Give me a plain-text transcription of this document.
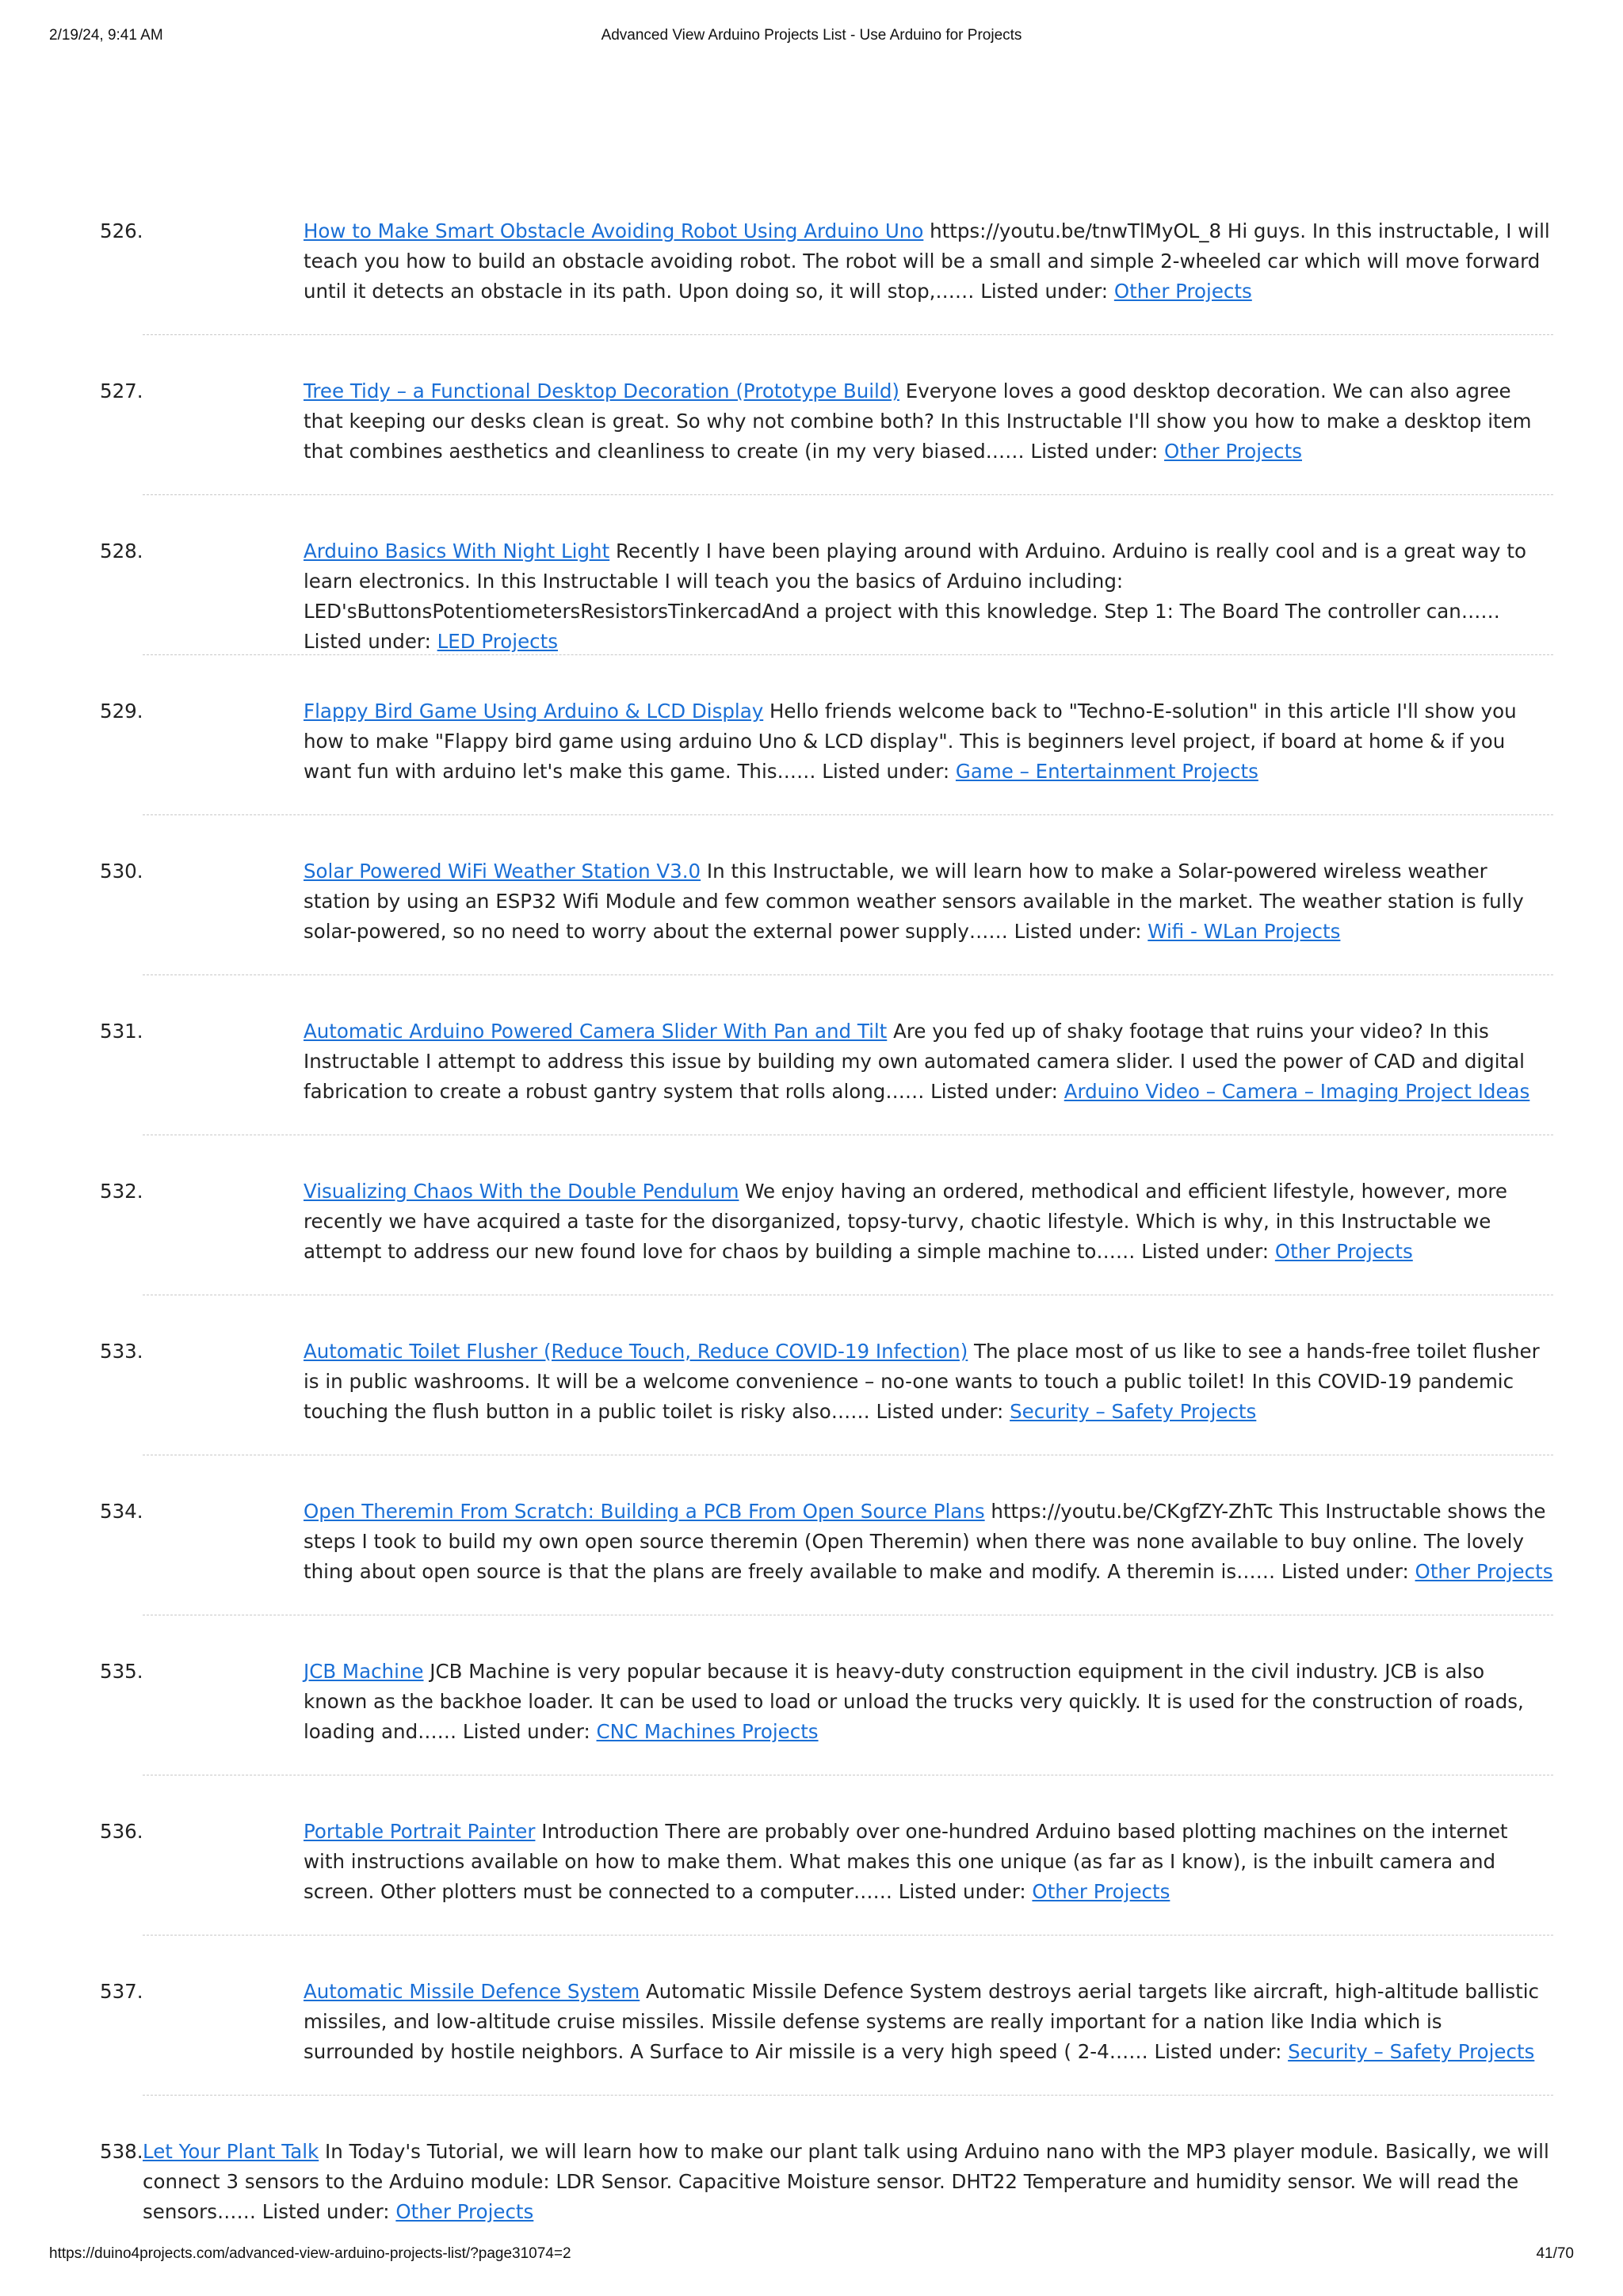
2/19/24, 9:41 AM	Advanced View Arduino Projects List - Use Arduino for Projects
526.	How to Make Smart Obstacle Avoiding Robot Using Arduino Uno https://youtu.be/tnwTlMyOL_8 Hi guys. In this instructable, I will teach you how to build an obstacle avoiding robot. The robot will be a small and simple 2-wheeled car which will move forward until it detects an obstacle in its path. Upon doing so, it will stop,…… Listed under: Other Projects
527.	Tree Tidy – a Functional Desktop Decoration (Prototype Build) Everyone loves a good desktop decoration. We can also agree that keeping our desks clean is great. So why not combine both? In this Instructable I'll show you how to make a desktop item that combines aesthetics and cleanliness to create (in my very biased…… Listed under: Other Projects
528.	Arduino Basics With Night Light Recently I have been playing around with Arduino. Arduino is really cool and is a great way to learn electronics. In this Instructable I will teach you the basics of Arduino including: LED'sButtonsPotentiometersResistorsTinkercadAnd a project with this knowledge. Step 1: The Board The controller can…… Listed under: LED Projects
529.	Flappy Bird Game Using Arduino & LCD Display Hello friends welcome back to "Techno-E-solution" in this article I'll show you how to make "Flappy bird game using arduino Uno & LCD display". This is beginners level project, if board at home & if you want fun with arduino let's make this game. This…… Listed under: Game – Entertainment Projects
530.	Solar Powered WiFi Weather Station V3.0 In this Instructable, we will learn how to make a Solar-powered wireless weather station by using an ESP32 Wifi Module and few common weather sensors available in the market. The weather station is fully solar-powered, so no need to worry about the external power supply…… Listed under: Wifi - WLan Projects
531.	Automatic Arduino Powered Camera Slider With Pan and Tilt Are you fed up of shaky footage that ruins your video? In this Instructable I attempt to address this issue by building my own automated camera slider. I used the power of CAD and digital fabrication to create a robust gantry system that rolls along…… Listed under: Arduino Video – Camera – Imaging Project Ideas
532.	Visualizing Chaos With the Double Pendulum We enjoy having an ordered, methodical and efficient lifestyle, however, more recently we have acquired a taste for the disorganized, topsy-turvy, chaotic lifestyle. Which is why, in this Instructable we attempt to address our new found love for chaos by building a simple machine to…… Listed under: Other Projects
533.	Automatic Toilet Flusher (Reduce Touch, Reduce COVID-19 Infection) The place most of us like to see a hands-free toilet flusher is in public washrooms. It will be a welcome convenience – no-one wants to touch a public toilet! In this COVID-19 pandemic touching the flush button in a public toilet is risky also…… Listed under: Security – Safety Projects
534.	Open Theremin From Scratch: Building a PCB From Open Source Plans https://youtu.be/CKgfZY-ZhTc This Instructable shows the steps I took to build my own open source theremin (Open Theremin) when there was none available to buy online. The lovely thing about open source is that the plans are freely available to make and modify. A theremin is…… Listed under: Other Projects
535.	JCB Machine JCB Machine is very popular because it is heavy-duty construction equipment in the civil industry. JCB is also known as the backhoe loader. It can be used to load or unload the trucks very quickly. It is used for the construction of roads, loading and…… Listed under: CNC Machines Projects
536.	Portable Portrait Painter Introduction There are probably over one-hundred Arduino based plotting machines on the internet with instructions available on how to make them. What makes this one unique (as far as I know), is the inbuilt camera and screen. Other plotters must be connected to a computer…… Listed under: Other Projects
537.	Automatic Missile Defence System Automatic Missile Defence System destroys aerial targets like aircraft, high-altitude ballistic missiles, and low-altitude cruise missiles. Missile defense systems are really important for a nation like India which is surrounded by hostile neighbors. A Surface to Air missile is a very high speed ( 2-4…… Listed under: Security – Safety Projects
538. Let Your Plant Talk In Today's Tutorial, we will learn how to make our plant talk using Arduino nano with the MP3 player module. Basically, we will connect 3 sensors to the Arduino module: LDR Sensor. Capacitive Moisture sensor. DHT22 Temperature and humidity sensor. We will read the sensors…… Listed under: Other Projects
https://duino4projects.com/advanced-view-arduino-projects-list/?page31074=2	41/70
